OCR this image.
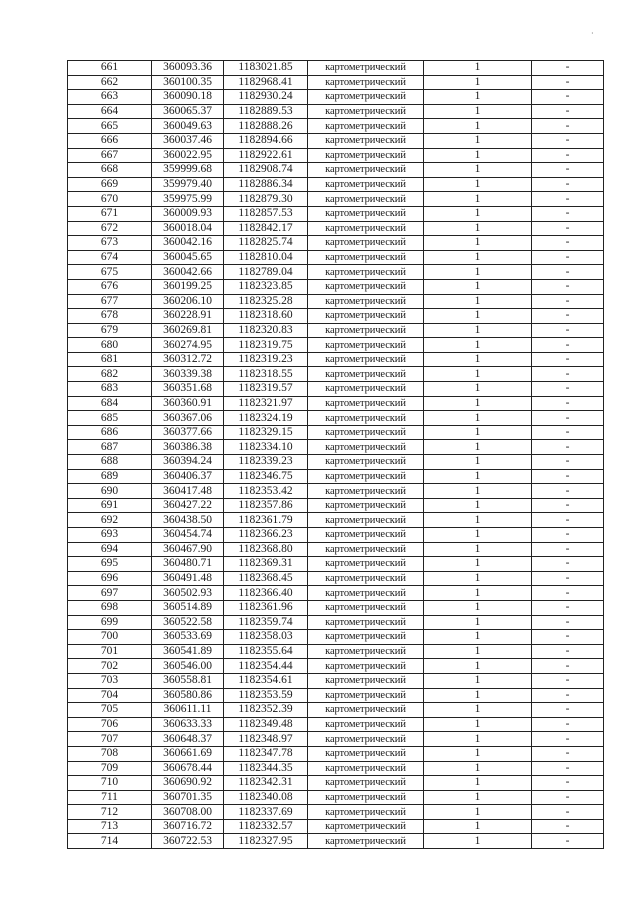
·
661	360093.36	1183021.85	картометрический	1	-
662	360100.35	1182968.41	картометрический	1	-
663	360090.18	1182930.24	картометрический	1	-
664	360065.37	1182889.53	картометрический	1	-
665	360049.63	1182888.26	картометрический	1	-
666	360037.46	1182894.66	картометрический	1	-
667	360022.95	1182922.61	картометрический	1	-
668	359999.68	1182908.74	картометрический	1	-
669	359979.40	1182886.34	картометрический	1	-
670	359975.99	1182879.30	картометрический	1	-
671	360009.93	1182857.53	картометрический	1	-
672	360018.04	1182842.17	картометрический	1	-
673	360042.16	1182825.74	картометрический	1	-
674	360045.65	1182810.04	картометрический	1	-
675	360042.66	1182789.04	картометрический	1	-
676	360199.25	1182323.85	картометрический	1	-
677	360206.10	1182325.28	картометрический	1	-
678	360228.91	1182318.60	картометрический	1	-
679	360269.81	1182320.83	картометрический	1	-
680	360274.95	1182319.75	картометрический	1	-
681	360312.72	1182319.23	картометрический	1	-
682	360339.38	1182318.55	картометрический	1	-
683	360351.68	1182319.57	картометрический	1	-
684	360360.91	1182321.97	картометрический	1	-
685	360367.06	1182324.19	картометрический	1	-
686	360377.66	1182329.15	картометрический	1	-
687	360386.38	1182334.10	картометрический	1	-
688	360394.24	1182339.23	картометрический	1	-
689	360406.37	1182346.75	картометрический	1	-
690	360417.48	1182353.42	картометрический	1	-
691	360427.22	1182357.86	картометрический	1	-
692	360438.50	1182361.79	картометрический	1	-
693	360454.74	1182366.23	картометрический	1	-
694	360467.90	1182368.80	картометрический	1	-
695	360480.71	1182369.31	картометрический	1	-
696	360491.48	1182368.45	картометрический	1	-
697	360502.93	1182366.40	картометрический	1	-
698	360514.89	1182361.96	картометрический	1	-
699	360522.58	1182359.74	картометрический	1	-
700	360533.69	1182358.03	картометрический	1	-
701	360541.89	1182355.64	картометрический	1	-
702	360546.00	1182354.44	картометрический	1	-
703	360558.81	1182354.61	картометрический	1	-
704	360580.86	1182353.59	картометрический	1	-
705	360611.11	1182352.39	картометрический	1	-
706	360633.33	1182349.48	картометрический	1	-
707	360648.37	1182348.97	картометрический	1	-
708	360661.69	1182347.78	картометрический	1	-
709	360678.44	1182344.35	картометрический	1	-
710	360690.92	1182342.31	картометрический	1	-
711	360701.35	1182340.08	картометрический	1	-
712	360708.00	1182337.69	картометрический	1	-
713	360716.72	1182332.57	картометрический	1	-
714	360722.53	1182327.95	картометрический	1	-
